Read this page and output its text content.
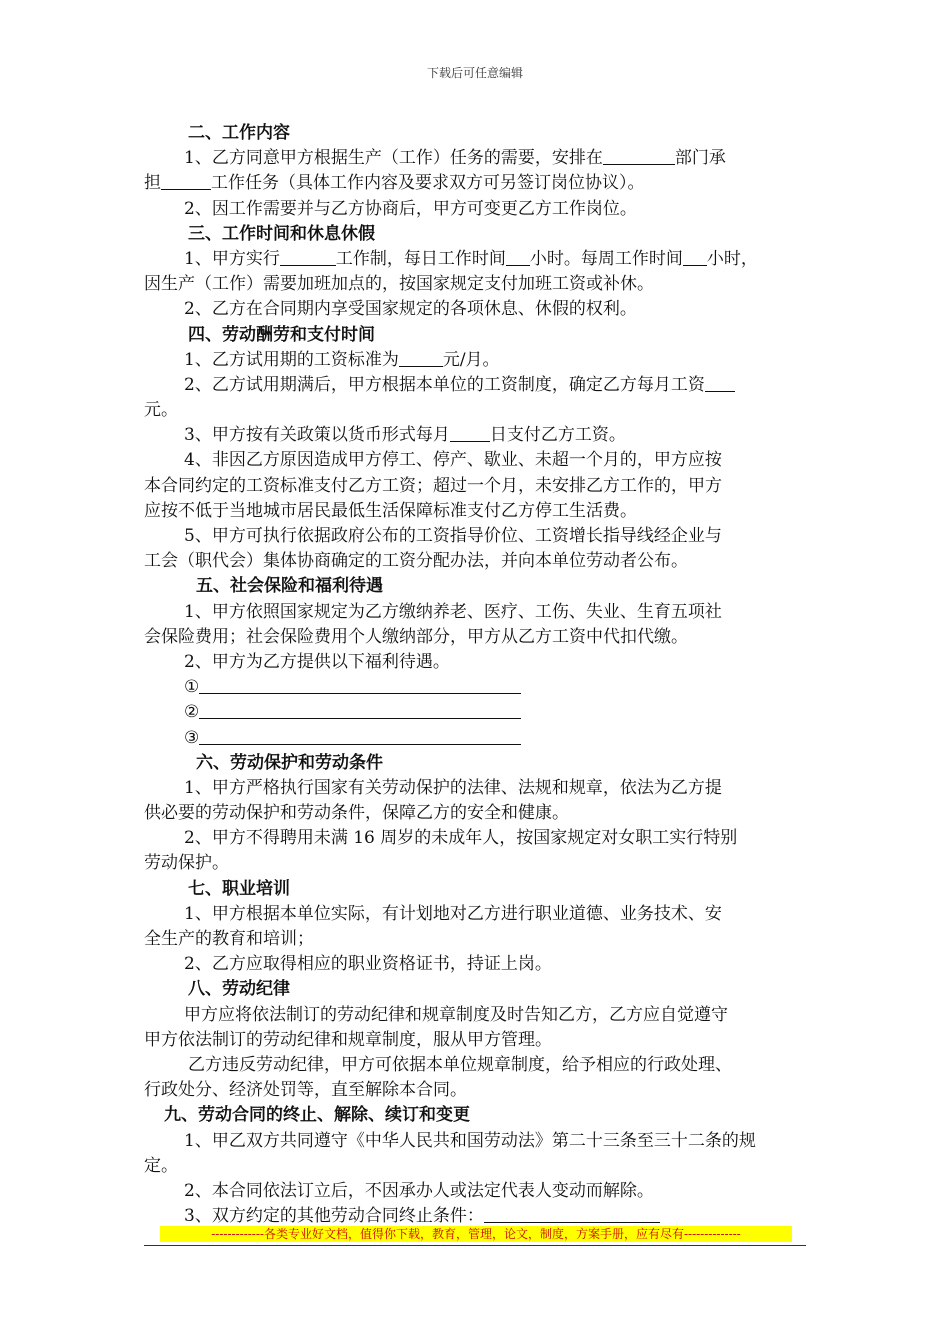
下载后可任意编辑
二、工作内容
1、乙方同意甲方根据生产（工作）任务的需要，安排在	部门承
担	工作任务（具体工作内容及要求双方可另签订岗位协议）。
2、因工作需要并与乙方协商后，甲方可变更乙方工作岗位。
三、工作时间和休息休假
1、甲方实行	工作制，每日工作时间 小时。每周工作时间 小时，
因生产（工作）需要加班加点的，按国家规定支付加班工资或补休。
2、乙方在合同期内享受国家规定的各项休息、休假的权利。
四、劳动酬劳和支付时间
1、乙方试用期的工资标准为	元/月。
2、乙方试用期满后，甲方根据本单位的工资制度，确定乙方每月工资
元。
3、甲方按有关政策以货币形式每月 日支付乙方工资。
4、非因乙方原因造成甲方停工、停产、歇业、未超一个月的，甲方应按
本合同约定的工资标准支付乙方工资；超过一个月，未安排乙方工作的，甲方
应按不低于当地城市居民最低生活保障标准支付乙方停工生活费。
5、甲方可执行依据政府公布的工资指导价位、工资增长指导线经企业与
工会（职代会）集体协商确定的工资分配办法，并向本单位劳动者公布。
五、社会保险和福利待遇
1、甲方依照国家规定为乙方缴纳养老、医疗、工伤、失业、生育五项社
会保险费用；社会保险费用个人缴纳部分，甲方从乙方工资中代扣代缴。
2、甲方为乙方提供以下福利待遇。
①
②
③
六、劳动保护和劳动条件
1、甲方严格执行国家有关劳动保护的法律、法规和规章，依法为乙方提
供必要的劳动保护和劳动条件，保障乙方的安全和健康。
2、甲方不得聘用未满 16 周岁的未成年人，按国家规定对女职工实行特别
劳动保护。
七、职业培训
1、甲方根据本单位实际，有计划地对乙方进行职业道德、业务技术、安
全生产的教育和培训；
2、乙方应取得相应的职业资格证书，持证上岗。
八、劳动纪律
甲方应将依法制订的劳动纪律和规章制度及时告知乙方，乙方应自觉遵守
甲方依法制订的劳动纪律和规章制度，服从甲方管理。
乙方违反劳动纪律，甲方可依据本单位规章制度，给予相应的行政处理、
行政处分、经济处罚等，直至解除本合同。
九、劳动合同的终止、解除、续订和变更
1、甲乙双方共同遵守《中华人民共和国劳动法》第二十三条至三十二条的规
定。
2、本合同依法订立后，不因承办人或法定代表人变动而解除。
3、双方约定的其他劳动合同终止条件：
-------------各类专业好文档，值得你下载，教育，管理，论文，制度，方案手册，应有尽有--------------
